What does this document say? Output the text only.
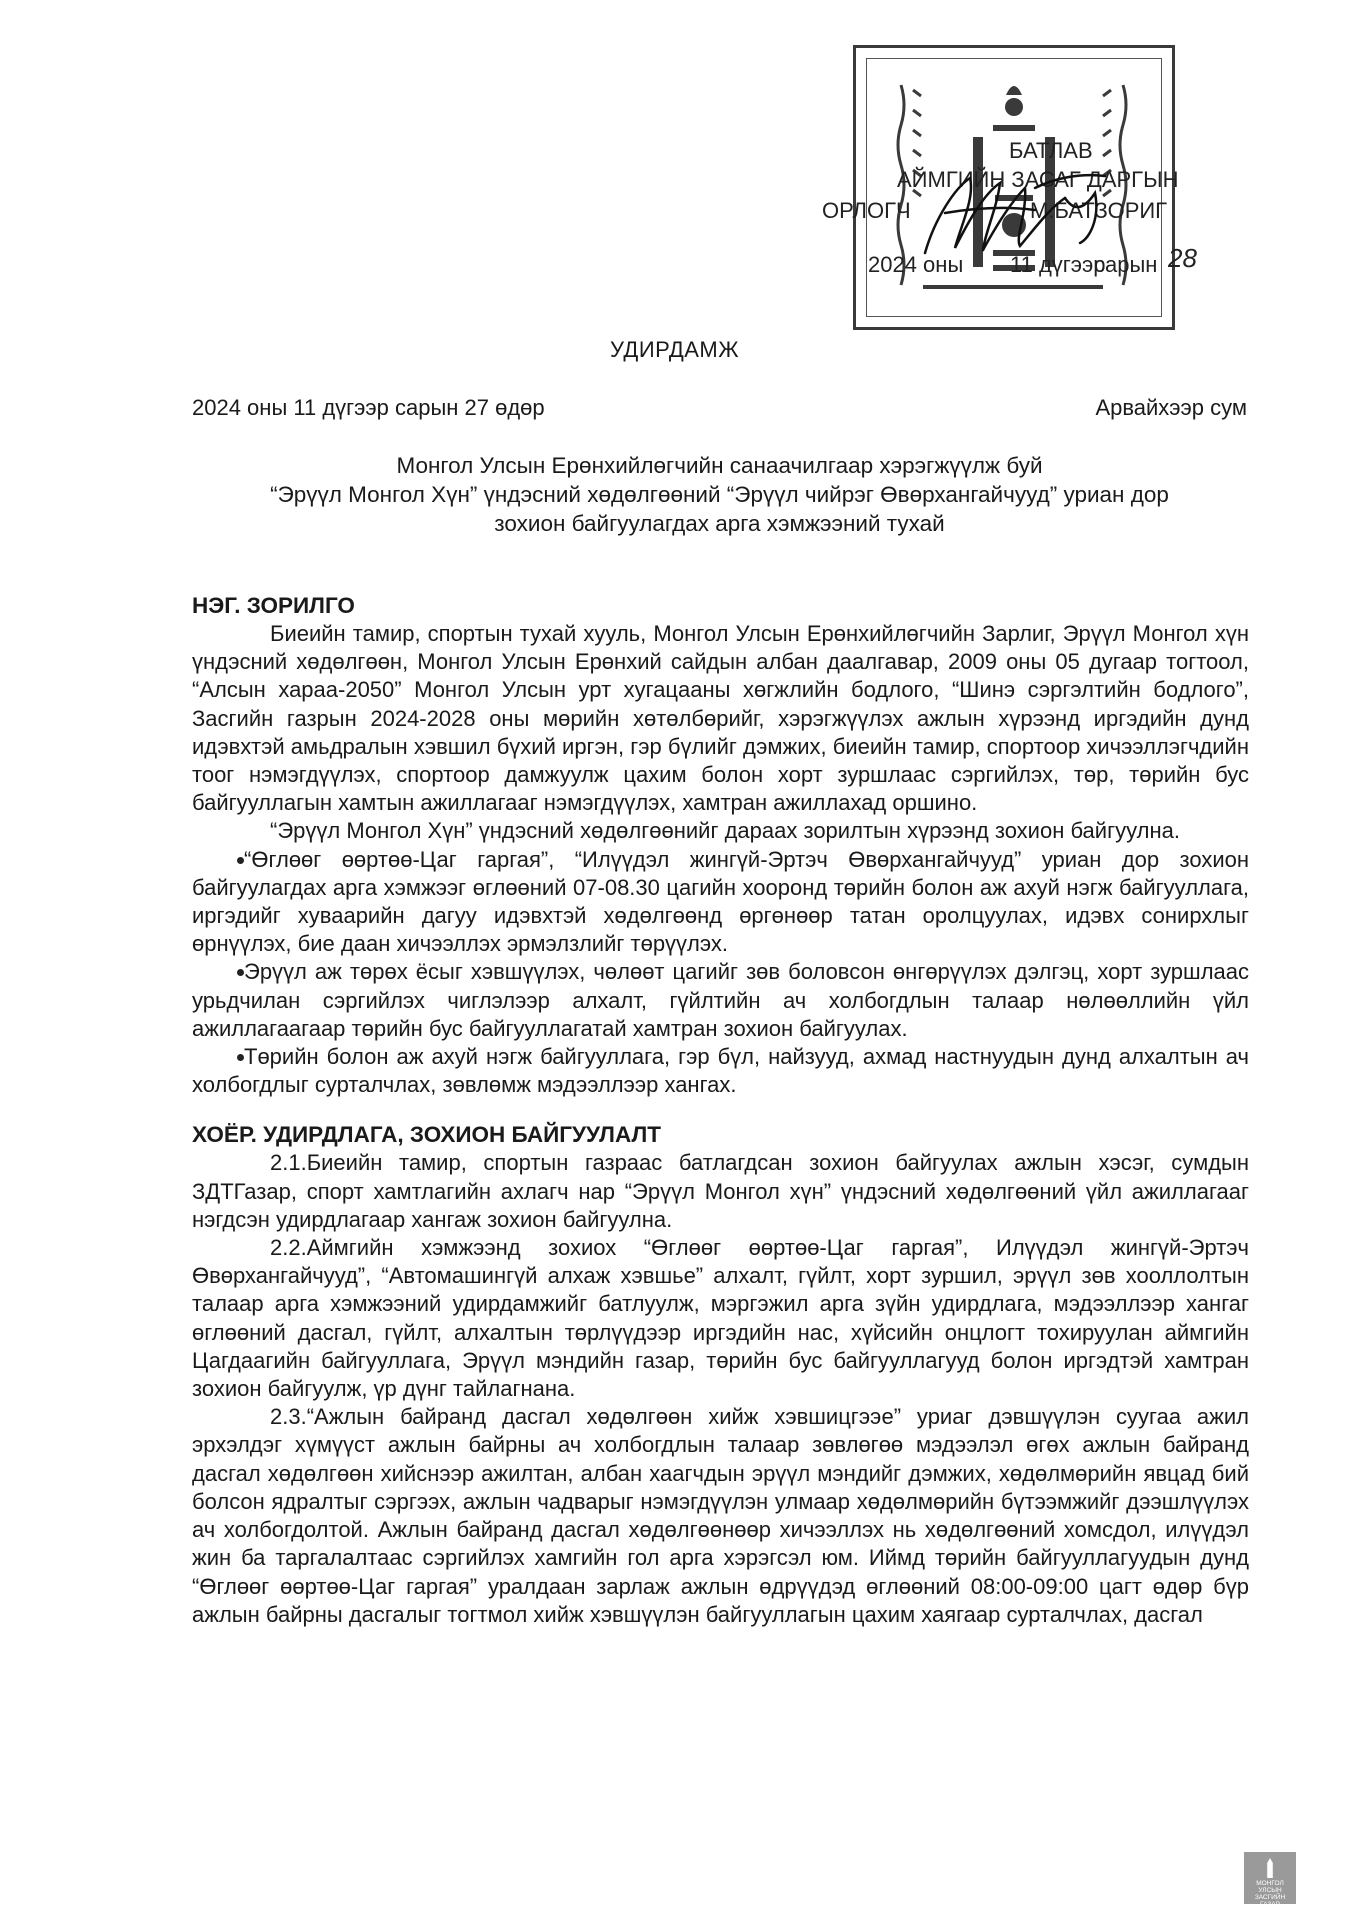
БАТЛАВ
АЙМГИЙН ЗАСАГ ДАРГЫН
ОРЛОГЧ	М.БАТЗОРИГ
2024 оны 11 дүгээр
сарын 28
УДИРДАМЖ
2024 оны 11 дүгээр сарын 27 өдөр	Арвайхээр сум
Монгол Улсын Ерөнхийлөгчийн санаачилгаар хэрэгжүүлж буй
“Эрүүл Монгол Хүн” үндэсний хөдөлгөөний “Эрүүл чийрэг Өвөрхангайчууд” уриан дор
зохион байгуулагдах арга хэмжээний тухай
НЭГ. ЗОРИЛГО

Биеийн тамир, спортын тухай хууль, Монгол Улсын Ерөнхийлөгчийн Зарлиг, Эрүүл Монгол хүн үндэсний хөдөлгөөн, Монгол Улсын Ерөнхий сайдын албан даалгавар, 2009 оны 05 дугаар тогтоол, “Алсын хараа-2050” Монгол Улсын урт хугацааны хөгжлийн бодлого, “Шинэ сэргэлтийн бодлого”, Засгийн газрын 2024-2028 оны мөрийн хөтөлбөрийг, хэрэгжүүлэх ажлын хүрээнд иргэдийн дунд идэвхтэй амьдралын хэвшил бүхий иргэн, гэр бүлийг дэмжих, биеийн тамир, спортоор хичээллэгчдийн тоог нэмэгдүүлэх, спортоор дамжуулж цахим болон хорт зуршлаас сэргийлэх, төр, төрийн бус байгууллагын хамтын ажиллагааг нэмэгдүүлэх, хамтран ажиллахад оршино.

“Эрүүл Монгол Хүн” үндэсний хөдөлгөөнийг дараах зорилтын хүрээнд зохион байгуулна.

“Өглөөг өөртөө-Цаг гаргая”, “Илүүдэл жингүй-Эртэч Өвөрхангайчууд” уриан дор зохион байгуулагдах арга хэмжээг өглөөний 07-08.30 цагийн хооронд төрийн болон аж ахуй нэгж байгууллага, иргэдийг хуваарийн дагуу идэвхтэй хөдөлгөөнд өргөнөөр татан оролцуулах, идэвх сонирхлыг өрнүүлэх, бие даан хичээллэх эрмэлзлийг төрүүлэх.
Эрүүл аж төрөх ёсыг хэвшүүлэх, чөлөөт цагийг зөв боловсон өнгөрүүлэх дэлгэц, хорт зуршлаас урьдчилан сэргийлэх чиглэлээр алхалт, гүйлтийн ач холбогдлын талаар нөлөөллийн үйл ажиллагаагаар төрийн бус байгууллагатай хамтран зохион байгуулах.
Төрийн болон аж ахуй нэгж байгууллага, гэр бүл, найзууд, ахмад настнуудын дунд алхалтын ач холбогдлыг сурталчлах, зөвлөмж мэдээллээр хангах.
ХОЁР. УДИРДЛАГА, ЗОХИОН БАЙГУУЛАЛТ

2.1.Биеийн тамир, спортын газраас батлагдсан зохион байгуулах ажлын хэсэг, сумдын ЗДТГазар, спорт хамтлагийн ахлагч нар “Эрүүл Монгол хүн” үндэсний хөдөлгөөний үйл ажиллагааг нэгдсэн удирдлагаар хангаж зохион байгуулна.

2.2.Аймгийн хэмжээнд зохиох “Өглөөг өөртөө-Цаг гаргая”, Илүүдэл жингүй-Эртэч Өвөрхангайчууд”, “Автомашингүй алхаж хэвшье” алхалт, гүйлт, хорт зуршил, эрүүл зөв хооллолтын талаар арга хэмжээний удирдамжийг батлуулж, мэргэжил арга зүйн удирдлага, мэдээллээр хангаг өглөөний дасгал, гүйлт, алхалтын төрлүүдээр иргэдийн нас, хүйсийн онцлогт тохируулан аймгийн Цагдаагийн байгууллага, Эрүүл мэндийн газар, төрийн бус байгууллагууд болон иргэдтэй хамтран зохион байгуулж, үр дүнг тайлагнана.

2.3.“Ажлын байранд дасгал хөдөлгөөн хийж хэвшицгээе” уриаг дэвшүүлэн суугаа ажил эрхэлдэг хүмүүст ажлын байрны ач холбогдлын талаар зөвлөгөө мэдээлэл өгөх ажлын байранд дасгал хөдөлгөөн хийснээр ажилтан, албан хаагчдын эрүүл мэндийг дэмжих, хөдөлмөрийн явцад бий болсон ядралтыг сэргээх, ажлын чадварыг нэмэгдүүлэн улмаар хөдөлмөрийн бүтээмжийг дээшлүүлэх ач холбогдолтой. Ажлын байранд дасгал хөдөлгөөнөөр хичээллэх нь хөдөлгөөний хомсдол, илүүдэл жин ба таргалалтаас сэргийлэх хамгийн гол арга хэрэгсэл юм. Иймд төрийн байгууллагуудын дунд “Өглөөг өөртөө-Цаг гаргая” уралдаан зарлаж ажлын өдрүүдэд өглөөний 08:00-09:00 цагт өдөр бүр ажлын байрны дасгалыг тогтмол хийж хэвшүүлэн байгууллагын цахим хаягаар сурталчлах, дасгал

МОНГОЛ УЛСЫН ЗАСГИЙН ГАЗАР
